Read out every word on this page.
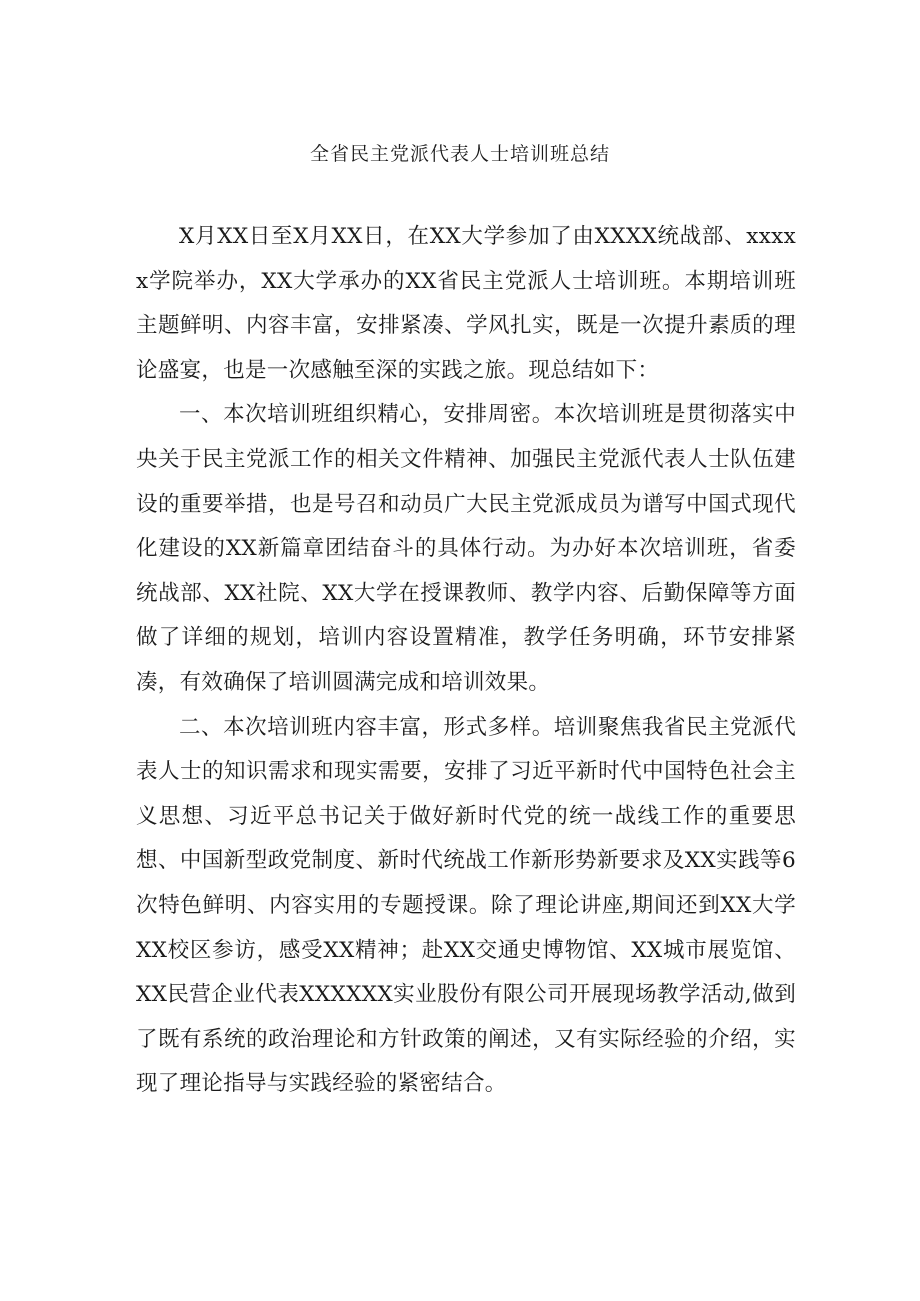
全省民主党派代表人士培训班总结

X月XX日至X月XX日，在XX大学参加了由XXXX统战部、xxxxx学院举办，XX大学承办的XX省民主党派人士培训班。本期培训班主题鲜明、内容丰富，安排紧凑、学风扎实，既是一次提升素质的理论盛宴，也是一次感触至深的实践之旅。现总结如下：

一、本次培训班组织精心，安排周密。本次培训班是贯彻落实中央关于民主党派工作的相关文件精神、加强民主党派代表人士队伍建设的重要举措，也是号召和动员广大民主党派成员为谱写中国式现代化建设的XX新篇章团结奋斗的具体行动。为办好本次培训班，省委统战部、XX社院、XX大学在授课教师、教学内容、后勤保障等方面做了详细的规划，培训内容设置精准，教学任务明确，环节安排紧凑，有效确保了培训圆满完成和培训效果。

二、本次培训班内容丰富，形式多样。培训聚焦我省民主党派代表人士的知识需求和现实需要，安排了习近平新时代中国特色社会主义思想、习近平总书记关于做好新时代党的统一战线工作的重要思想、中国新型政党制度、新时代统战工作新形势新要求及XX实践等6次特色鲜明、内容实用的专题授课。除了理论讲座,期间还到XX大学XX校区参访，感受XX精神；赴XX交通史博物馆、XX城市展览馆、XX民营企业代表XXXXXX实业股份有限公司开展现场教学活动,做到了既有系统的政治理论和方针政策的阐述，又有实际经验的介绍，实现了理论指导与实践经验的紧密结合。
